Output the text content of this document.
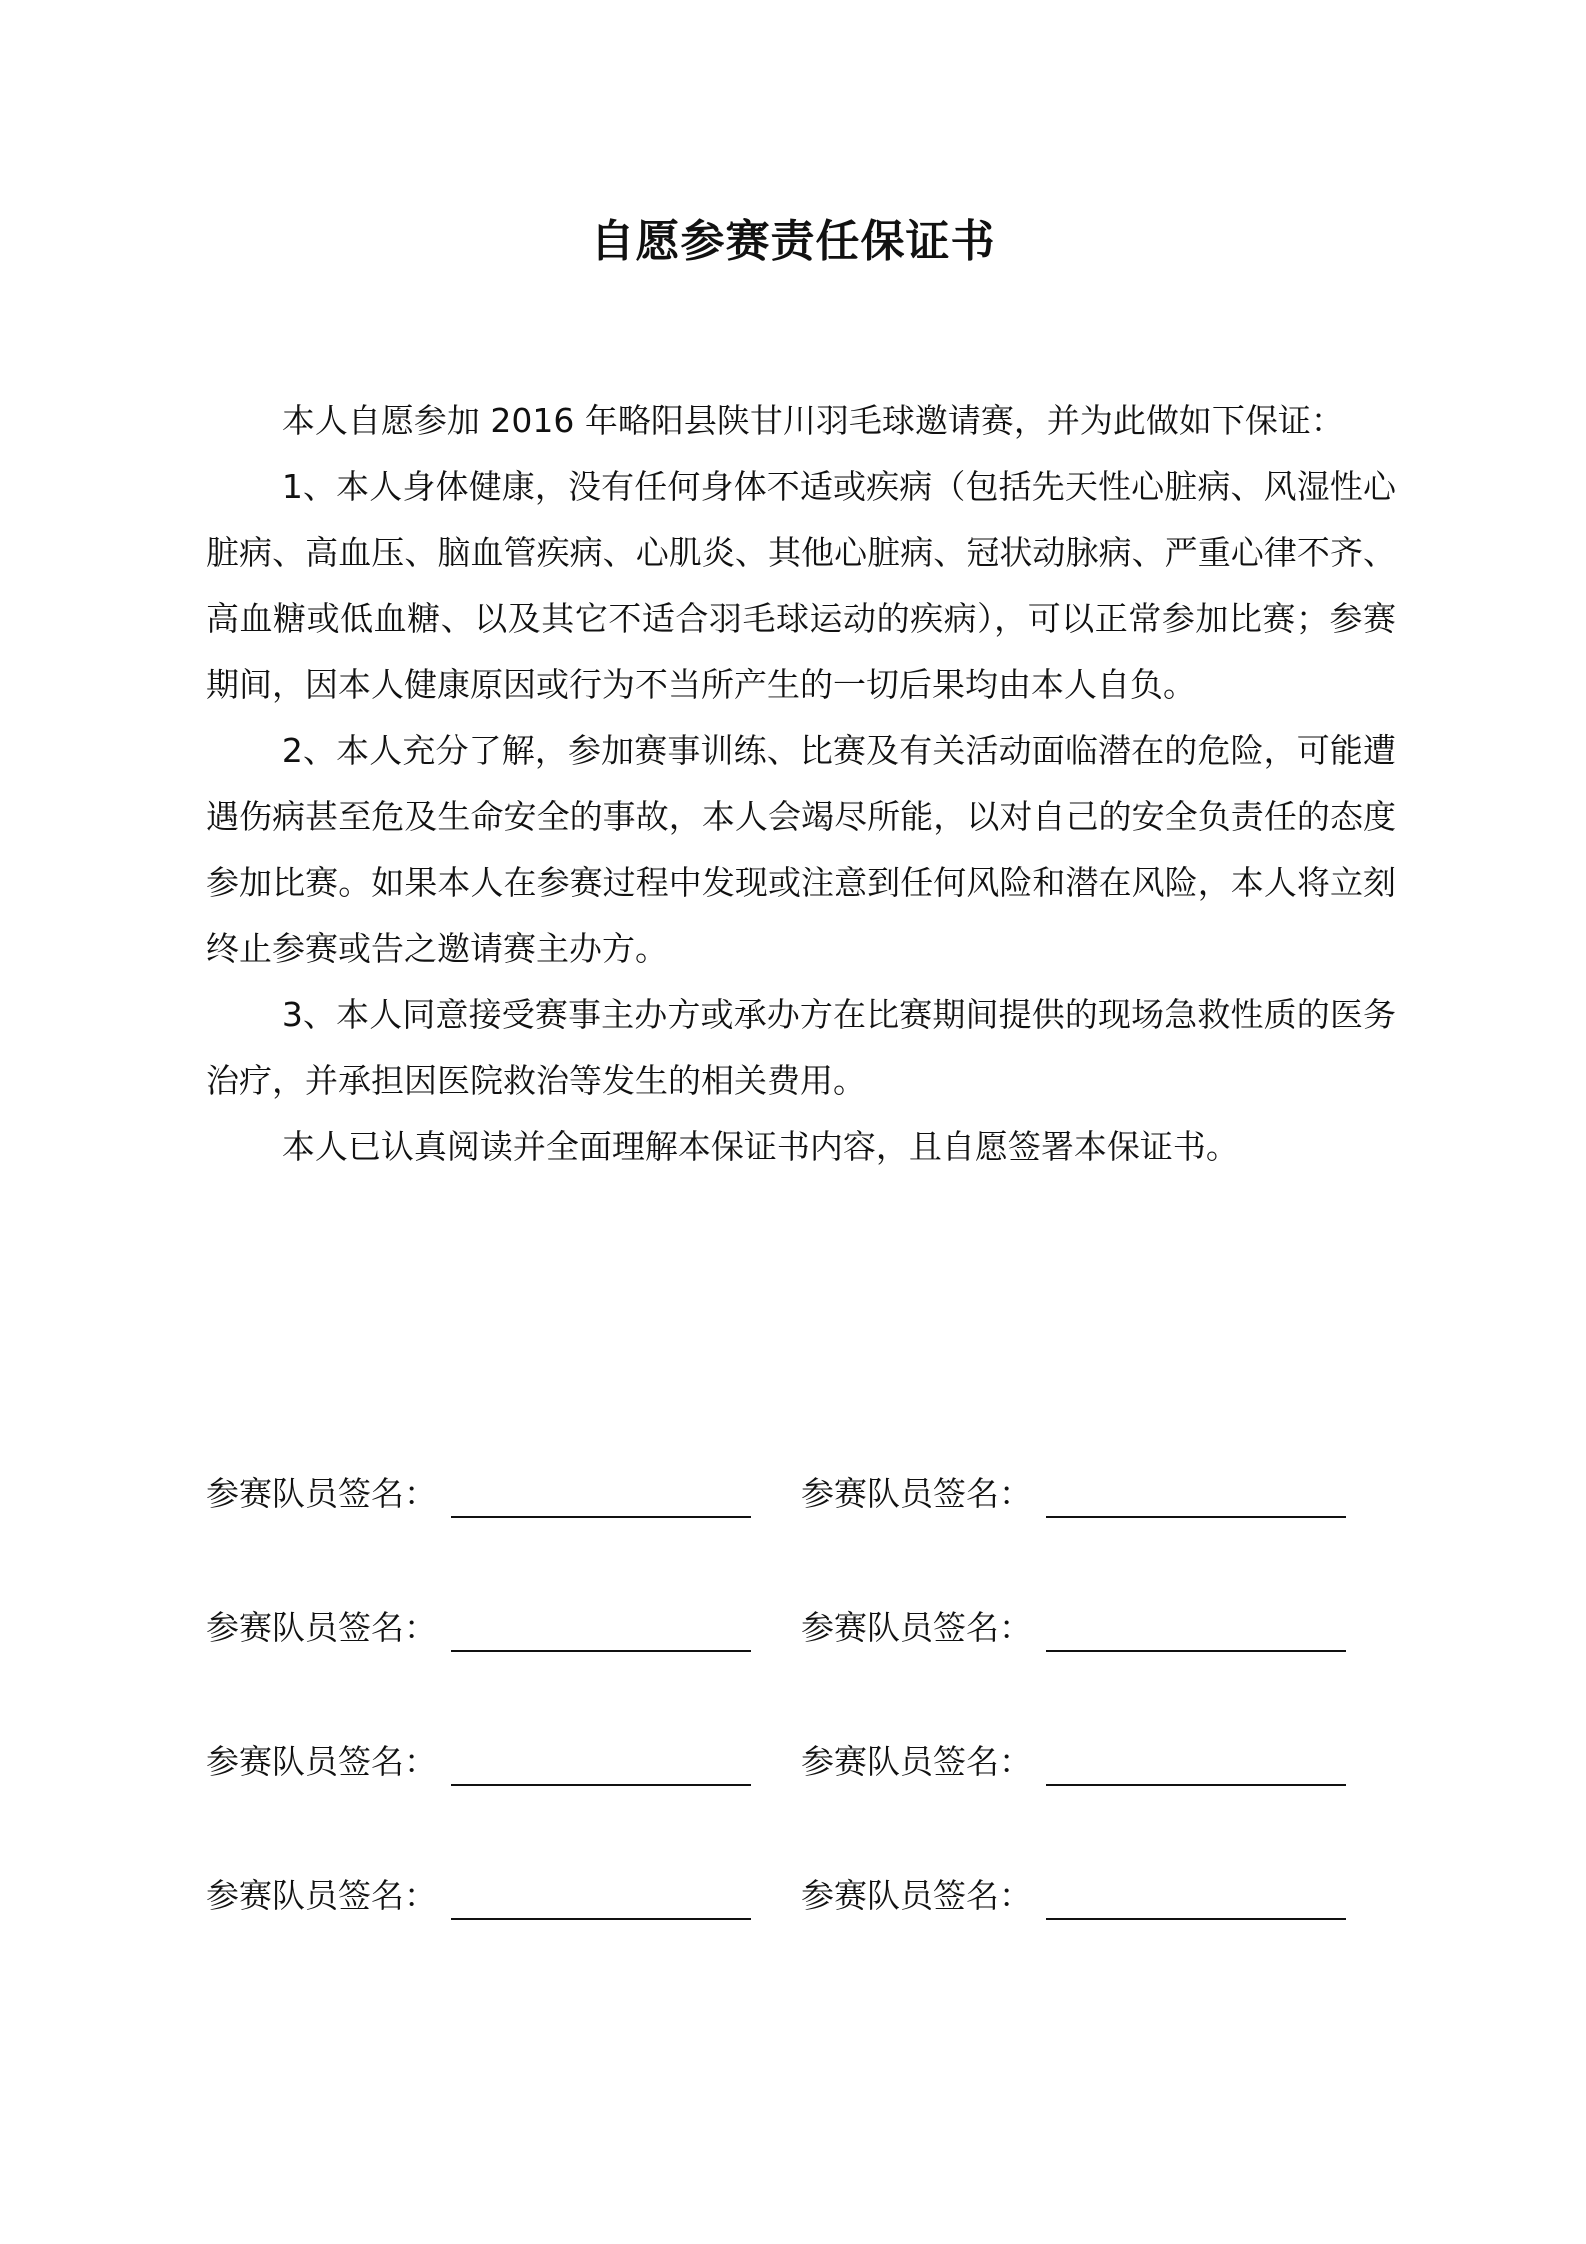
自愿参赛责任保证书

本人自愿参加 2016 年略阳县陕甘川羽毛球邀请赛，并为此做如下保证：

1、本人身体健康，没有任何身体不适或疾病（包括先天性心脏病、风湿性心脏病、高血压、脑血管疾病、心肌炎、其他心脏病、冠状动脉病、严重心律不齐、高血糖或低血糖、以及其它不适合羽毛球运动的疾病），可以正常参加比赛；参赛期间，因本人健康原因或行为不当所产生的一切后果均由本人自负。

2、本人充分了解，参加赛事训练、比赛及有关活动面临潜在的危险，可能遭遇伤病甚至危及生命安全的事故，本人会竭尽所能，以对自己的安全负责任的态度参加比赛。如果本人在参赛过程中发现或注意到任何风险和潜在风险，本人将立刻终止参赛或告之邀请赛主办方。

3、本人同意接受赛事主办方或承办方在比赛期间提供的现场急救性质的医务治疗，并承担因医院救治等发生的相关费用。

本人已认真阅读并全面理解本保证书内容，且自愿签署本保证书。

参赛队员签名：	参赛队员签名：
参赛队员签名：	参赛队员签名：
参赛队员签名：	参赛队员签名：
参赛队员签名：	参赛队员签名：
